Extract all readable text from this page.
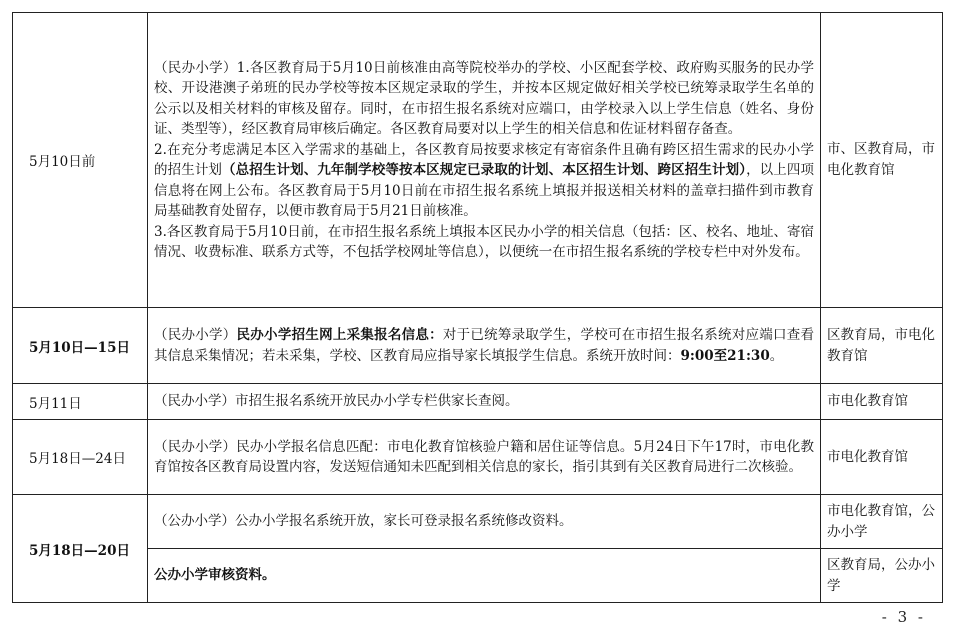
5月10日前	（民办小学）1.各区教育局于5月10日前核准由高等院校举办的学校、小区配套学校、政府购买服务的民办学校、开设港澳子弟班的民办学校等按本区规定录取的学生，并按本区规定做好相关学校已统筹录取学生名单的公示以及相关材料的审核及留存。同时，在市招生报名系统对应端口，由学校录入以上学生信息（姓名、身份证、类型等），经区教育局审核后确定。各区教育局要对以上学生的相关信息和佐证材料留存备查。

2.在充分考虑满足本区入学需求的基础上，各区教育局按要求核定有寄宿条件且确有跨区招生需求的民办小学的招生计划（总招生计划、九年制学校等按本区规定已录取的计划、本区招生计划、跨区招生计划），以上四项信息将在网上公布。各区教育局于5月10日前在市招生报名系统上填报并报送相关材料的盖章扫描件到市教育局基础教育处留存，以便市教育局于5月21日前核准。

3.各区教育局于5月10日前，在市招生报名系统上填报本区民办小学的相关信息（包括：区、校名、地址、寄宿情况、收费标准、联系方式等，不包括学校网址等信息），以便统一在市招生报名系统的学校专栏中对外发布。	市、区教育局，市电化教育馆
5月10日—15日	（民办小学）民办小学招生网上采集报名信息：对于已统筹录取学生，学校可在市招生报名系统对应端口查看其信息采集情况；若未采集，学校、区教育局应指导家长填报学生信息。系统开放时间：9:00至21:30。	区教育局，市电化教育馆
5月11日	（民办小学）市招生报名系统开放民办小学专栏供家长查阅。	市电化教育馆
5月18日—24日	（民办小学）民办小学报名信息匹配：市电化教育馆核验户籍和居住证等信息。5月24日下午17时，市电化教育馆按各区教育局设置内容，发送短信通知未匹配到相关信息的家长，指引其到有关区教育局进行二次核验。	市电化教育馆
5月18日—20日	（公办小学）公办小学报名系统开放，家长可登录报名系统修改资料。	市电化教育馆，公办小学
	公办小学审核资料。	区教育局，公办小学
- 3 -
